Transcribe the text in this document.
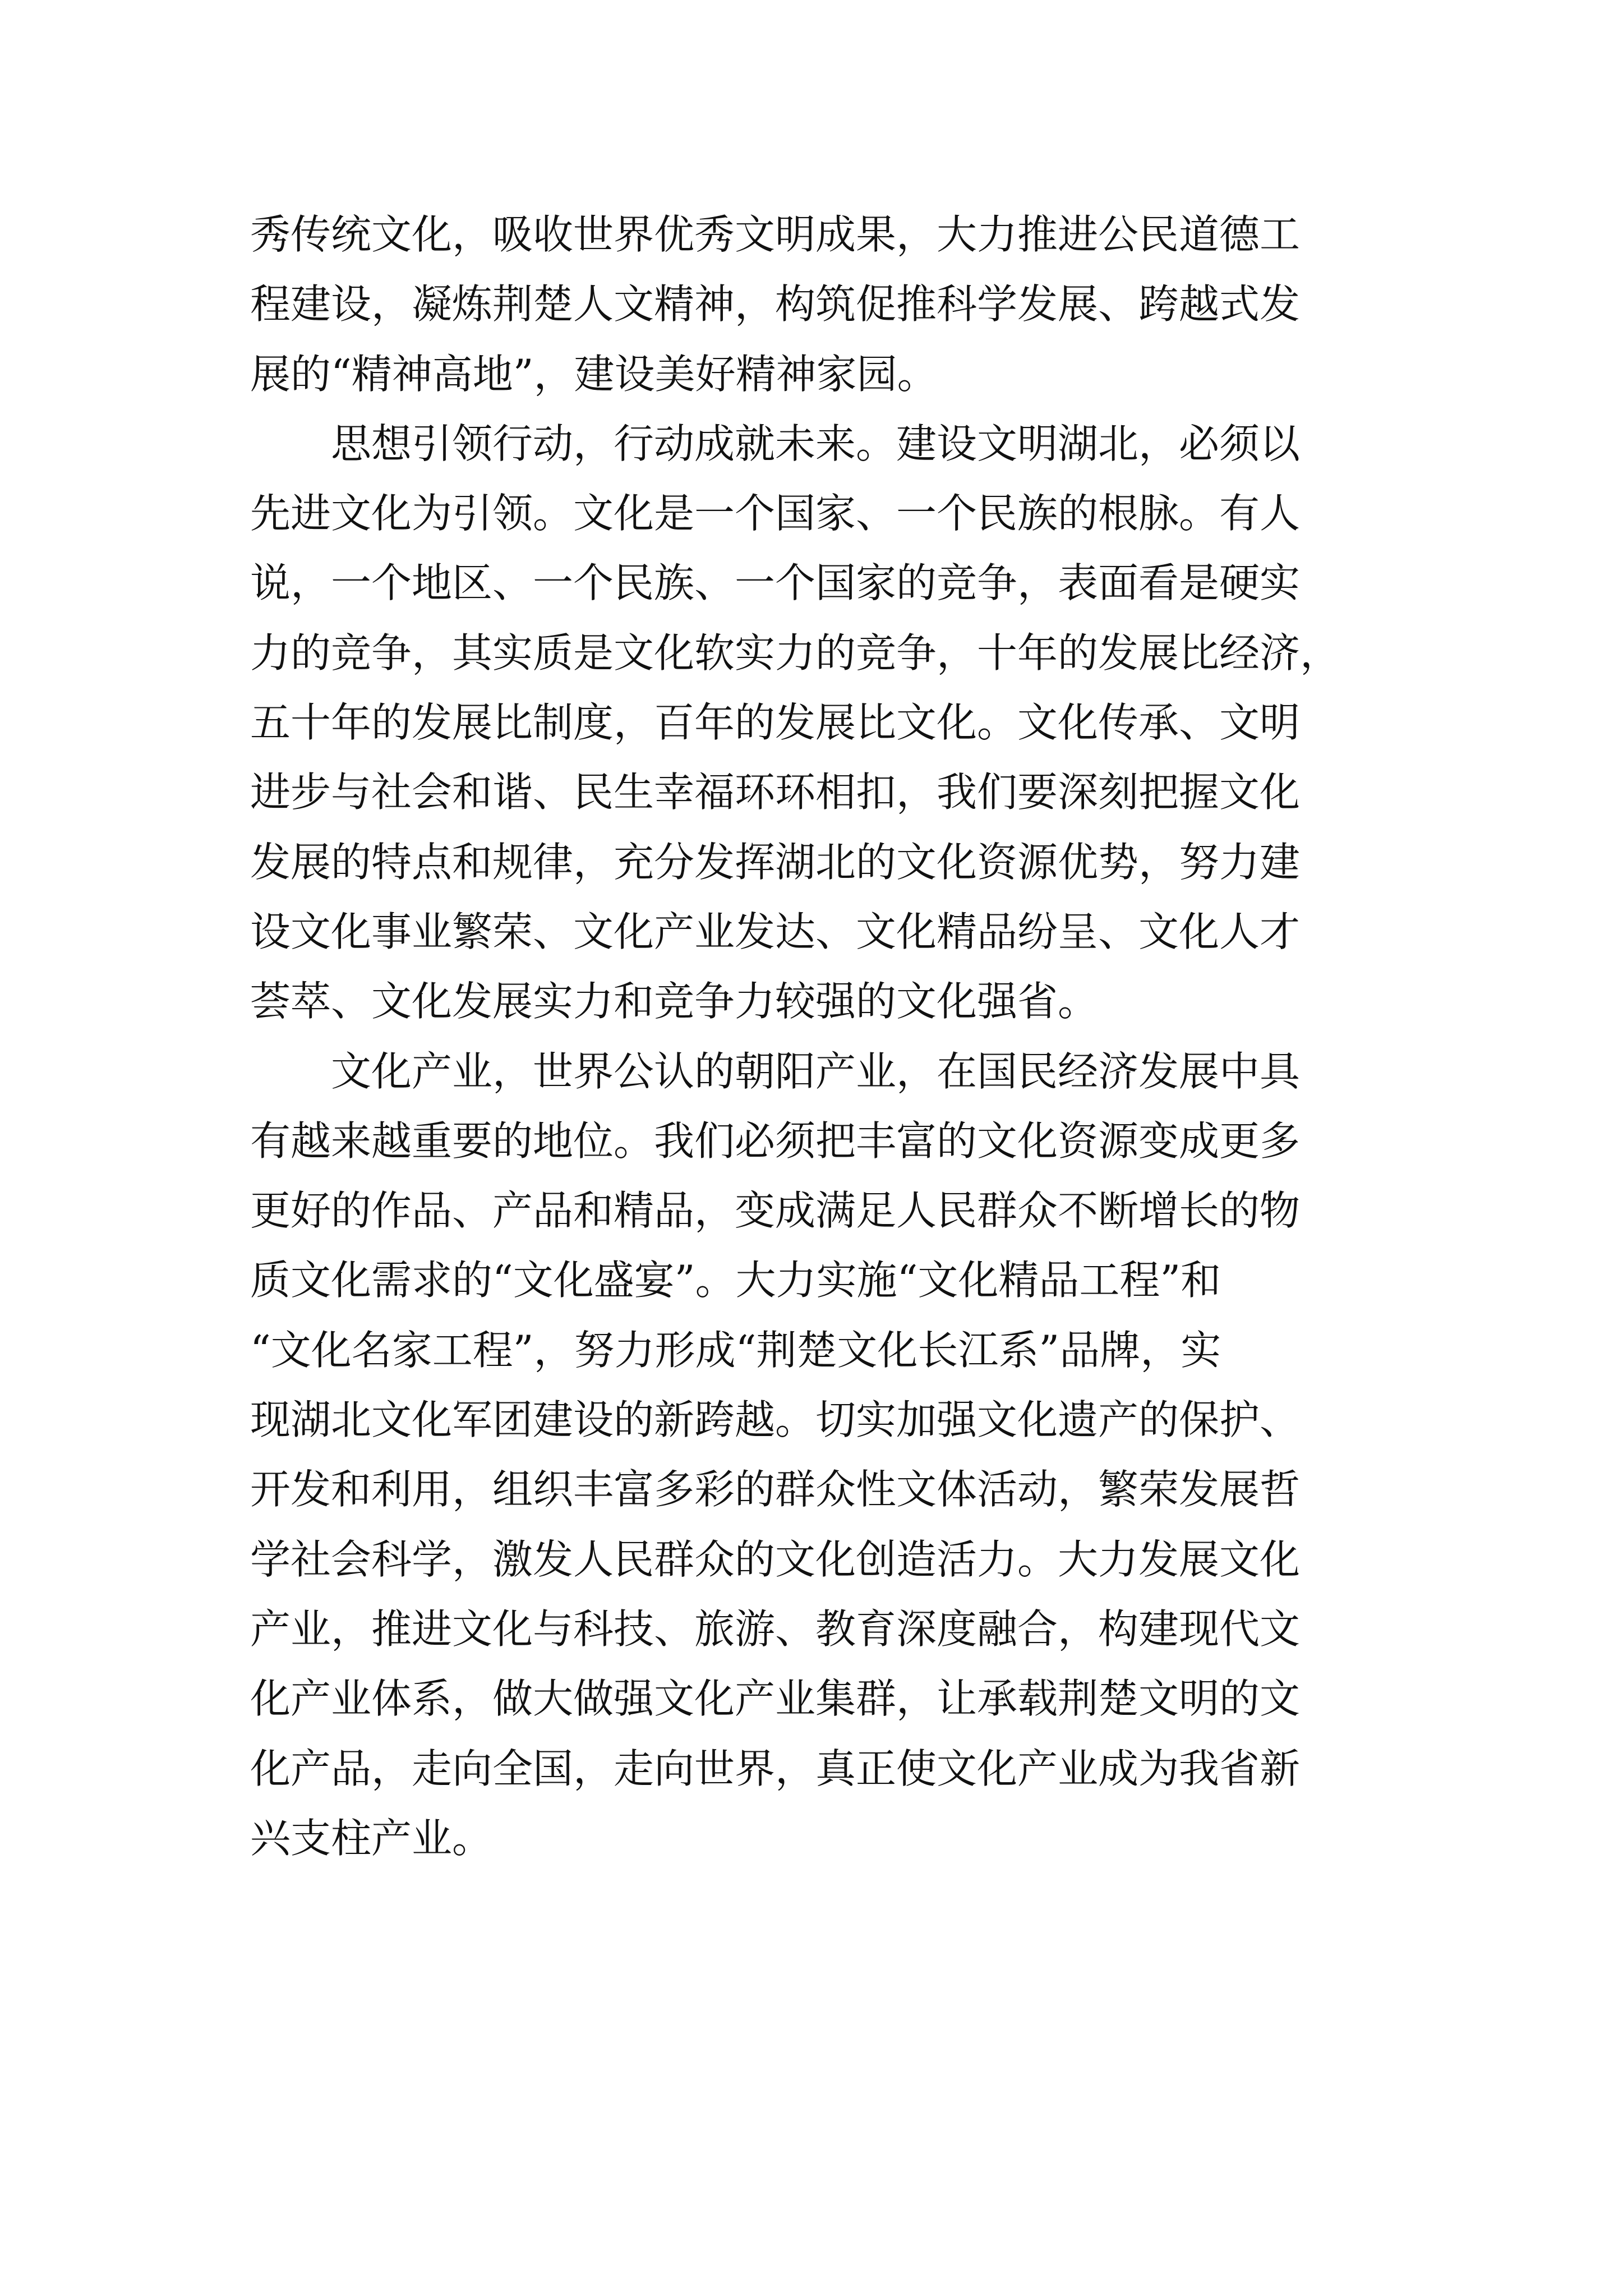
秀传统文化，吸收世界优秀文明成果，大力推进公民道德工
程建设，凝炼荆楚人文精神，构筑促推科学发展、跨越式发
展的“精神高地”，建设美好精神家园。
思想引领行动，行动成就未来。建设文明湖北，必须以
先进文化为引领。文化是一个国家、一个民族的根脉。有人
说，一个地区、一个民族、一个国家的竞争，表面看是硬实
力的竞争，其实质是文化软实力的竞争，十年的发展比经济，
五十年的发展比制度，百年的发展比文化。文化传承、文明
进步与社会和谐、民生幸福环环相扣，我们要深刻把握文化
发展的特点和规律，充分发挥湖北的文化资源优势，努力建
设文化事业繁荣、文化产业发达、文化精品纷呈、文化人才
荟萃、文化发展实力和竞争力较强的文化强省。
文化产业，世界公认的朝阳产业，在国民经济发展中具
有越来越重要的地位。我们必须把丰富的文化资源变成更多
更好的作品、产品和精品，变成满足人民群众不断增长的物
质文化需求的“文化盛宴”。大力实施“文化精品工程”和
“文化名家工程”，努力形成“荆楚文化长江系”品牌，实
现湖北文化军团建设的新跨越。切实加强文化遗产的保护、
开发和利用，组织丰富多彩的群众性文体活动，繁荣发展哲
学社会科学，激发人民群众的文化创造活力。大力发展文化
产业，推进文化与科技、旅游、教育深度融合，构建现代文
化产业体系，做大做强文化产业集群，让承载荆楚文明的文
化产品，走向全国，走向世界，真正使文化产业成为我省新
兴支柱产业。
